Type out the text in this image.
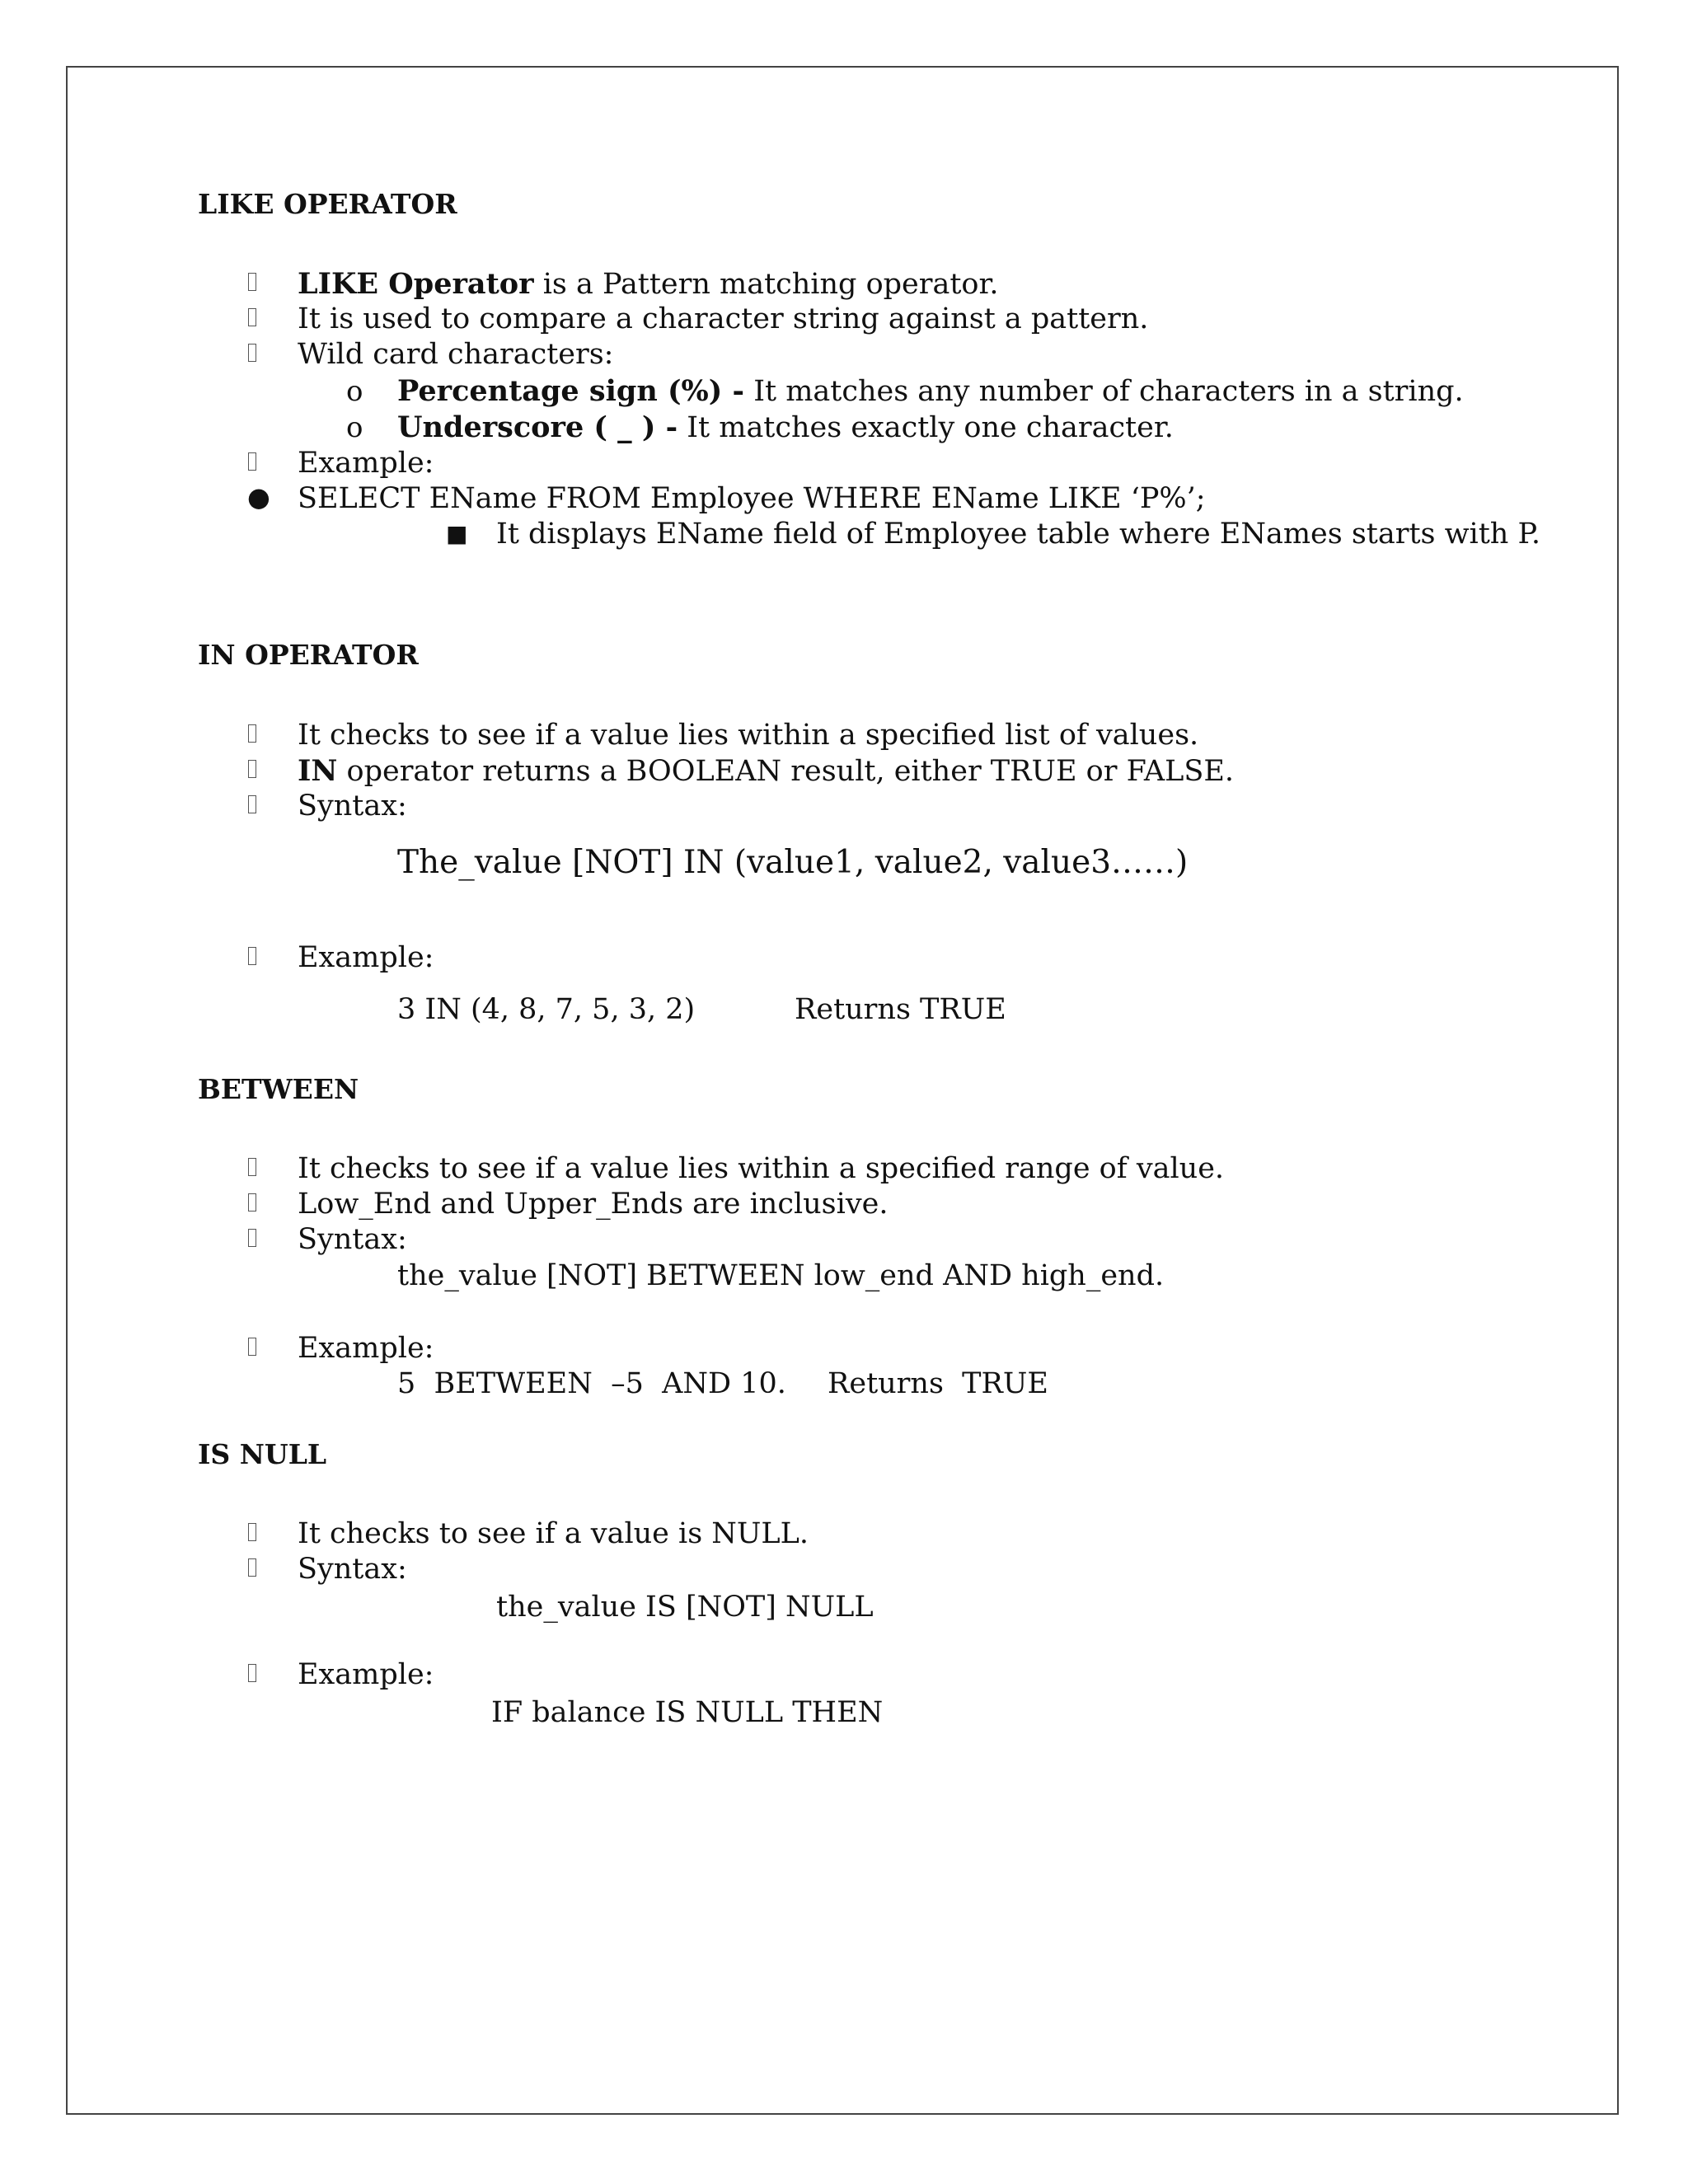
LIKE OPERATOR
LIKE Operator is a Pattern matching operator.
It is used to compare a character string against a pattern.
Wild card characters:
o Percentage sign (%) - It matches any number of characters in a string.
o Underscore ( _ ) - It matches exactly one character.
Example:
● SELECT EName FROM Employee WHERE EName LIKE ‘P%’;
■ It displays EName field of Employee table where ENames starts with P.
IN OPERATOR
It checks to see if a value lies within a specified list of values.
IN operator returns a BOOLEAN result, either TRUE or FALSE.
Syntax:
The_value [NOT] IN (value1, value2, value3……)
Example:
3 IN (4, 8, 7, 5, 3, 2)	Returns TRUE
BETWEEN
It checks to see if a value lies within a specified range of value.
Low_End and Upper_Ends are inclusive.
Syntax:
the_value [NOT] BETWEEN low_end AND high_end.
Example:
5  BETWEEN  –5  AND 10. Returns  TRUE
IS NULL
It checks to see if a value is NULL.
Syntax:
the_value IS [NOT] NULL
Example:
IF balance IS NULL THEN
